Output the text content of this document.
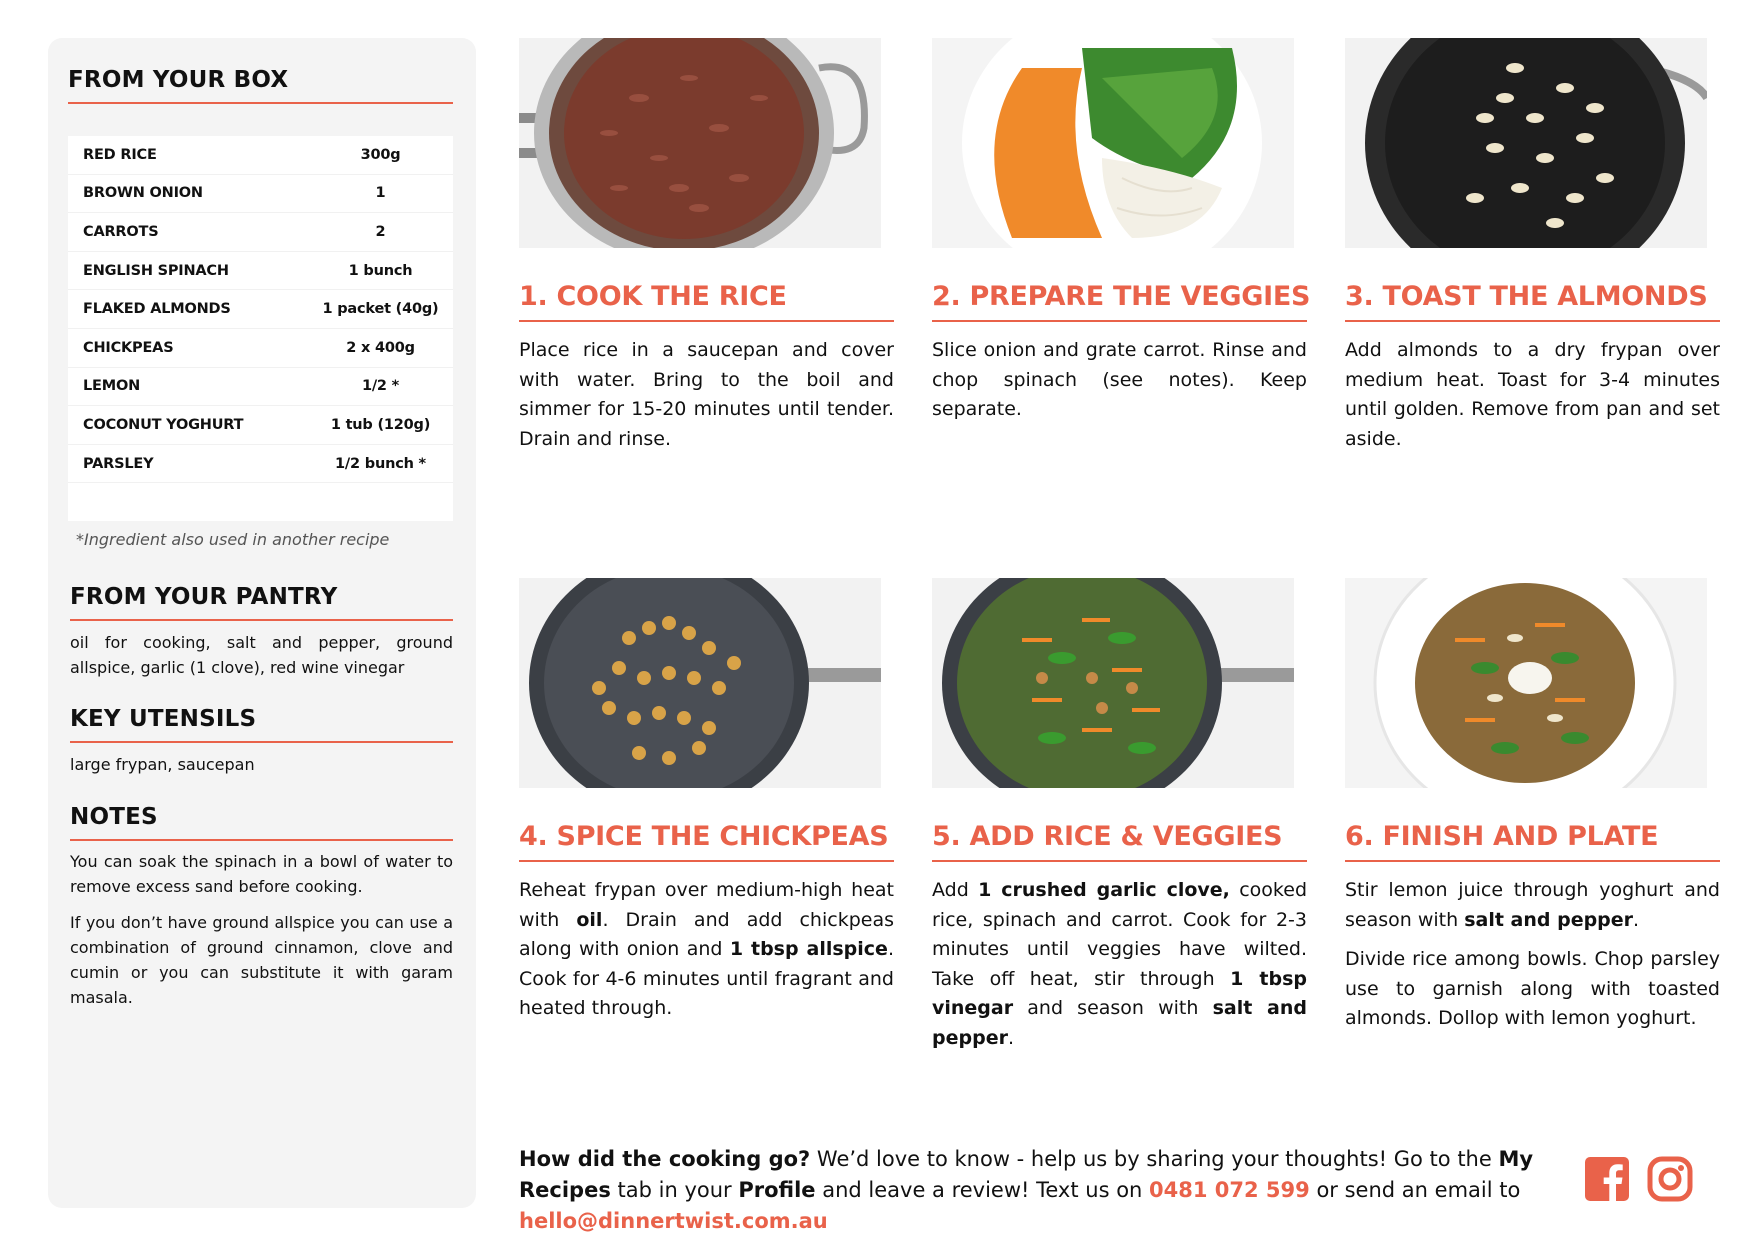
FROM YOUR BOX
RED RICE	300g
BROWN ONION	1
CARROTS	2
ENGLISH SPINACH	1 bunch
FLAKED ALMONDS	1 packet (40g)
CHICKPEAS	2 x 400g
LEMON	1/2 *
COCONUT YOGHURT	1 tub (120g)
PARSLEY	1/2 bunch *
*Ingredient also used in another recipe
FROM YOUR PANTRY
oil for cooking, salt and pepper, ground allspice, garlic (1 clove), red wine vinegar
KEY UTENSILS
large frypan, saucepan
NOTES
You can soak the spinach in a bowl of water to remove excess sand before cooking.
If you don’t have ground allspice you can use a combination of ground cinnamon, clove and cumin or you can substitute it with garam masala.
1. COOK THE RICE

Place rice in a saucepan and cover with water. Bring to the boil and simmer for 15-20 minutes until tender. Drain and rinse.

2. PREPARE THE VEGGIES

Slice onion and grate carrot. Rinse and chop spinach (see notes). Keep separate.

3. TOAST THE ALMONDS

Add almonds to a dry frypan over medium heat. Toast for 3-4 minutes until golden. Remove from pan and set aside.

4. SPICE THE CHICKPEAS

Reheat frypan over medium-high heat with oil. Drain and add chickpeas along with onion and 1 tbsp allspice. Cook for 4-6 minutes until fragrant and heated through.

5. ADD RICE & VEGGIES

Add 1 crushed garlic clove, cooked rice, spinach and carrot. Cook for 2-3 minutes until veggies have wilted. Take off heat, stir through 1 tbsp vinegar and season with salt and pepper.

6. FINISH AND PLATE

Stir lemon juice through yoghurt and season with salt and pepper.

Divide rice among bowls. Chop parsley use to garnish along with toasted almonds. Dollop with lemon yoghurt.

How did the cooking go? We’d love to know - help us by sharing your thoughts! Go to the My Recipes tab in your Profile and leave a review! Text us on 0481 072 599 or send an email to hello@dinnertwist.com.au
